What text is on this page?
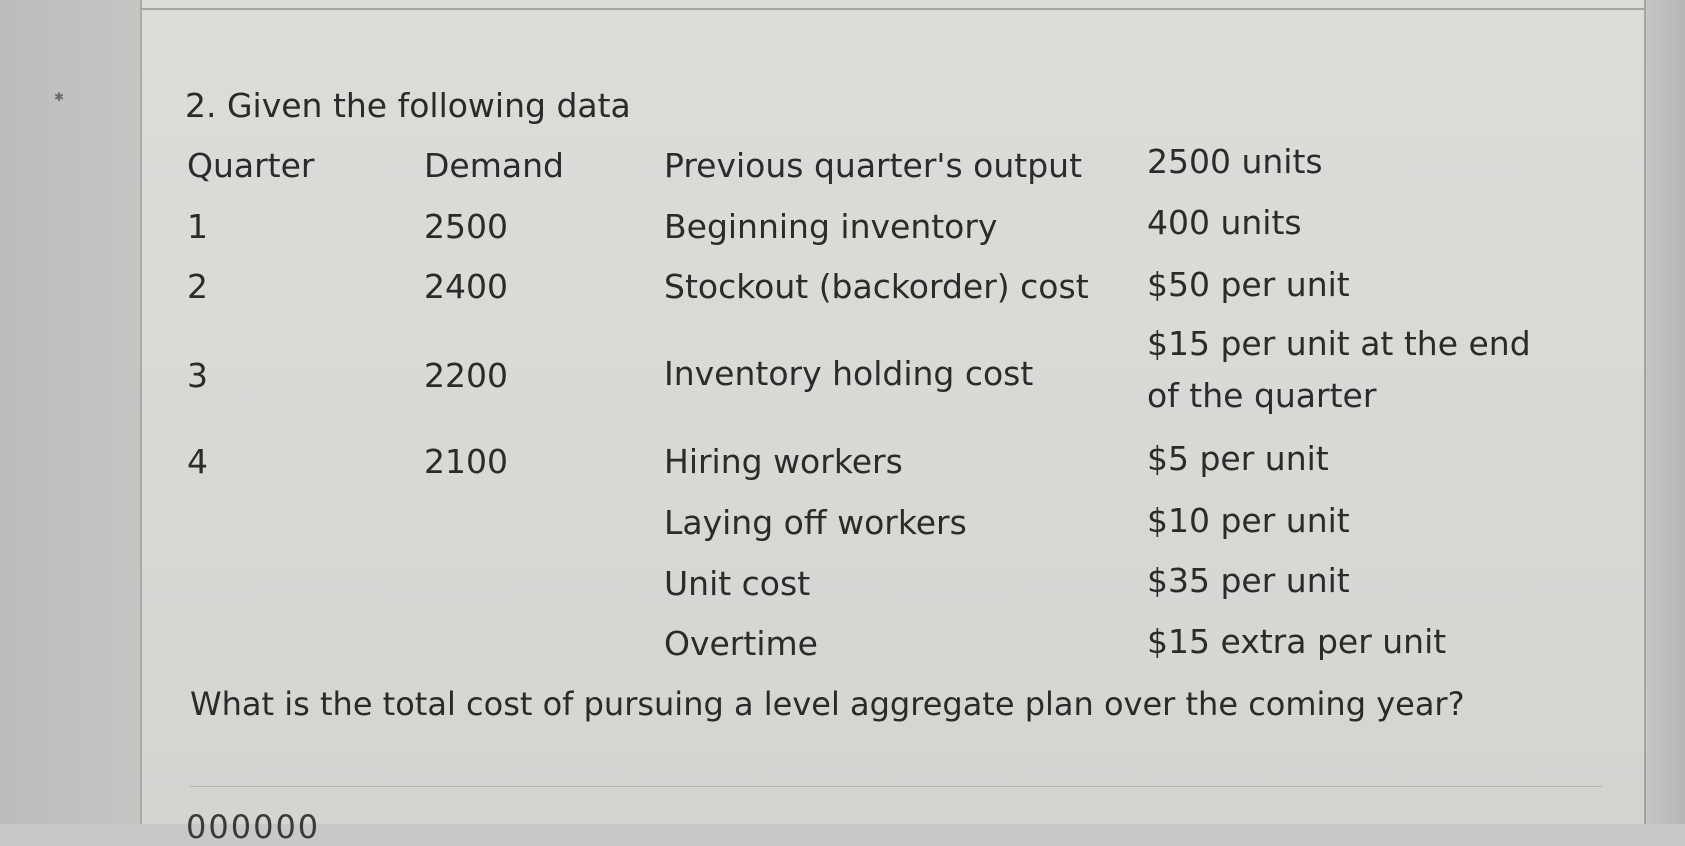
✱	2. Given the following data
Quarter	Demand	Previous quarter's output 2500 units
1	2500	Beginning inventory	400 units
2	2400	Stockout (backorder) cost $50 per unit
3	2200	Inventory holding cost
$15 per unit at the end of the quarter
4	2100	Hiring workers	$5 per unit
Laying off workers	$10 per unit
Unit cost	$35 per unit
Overtime	$15 extra per unit
What is the total cost of pursuing a level aggregate plan over the coming year?
000000
